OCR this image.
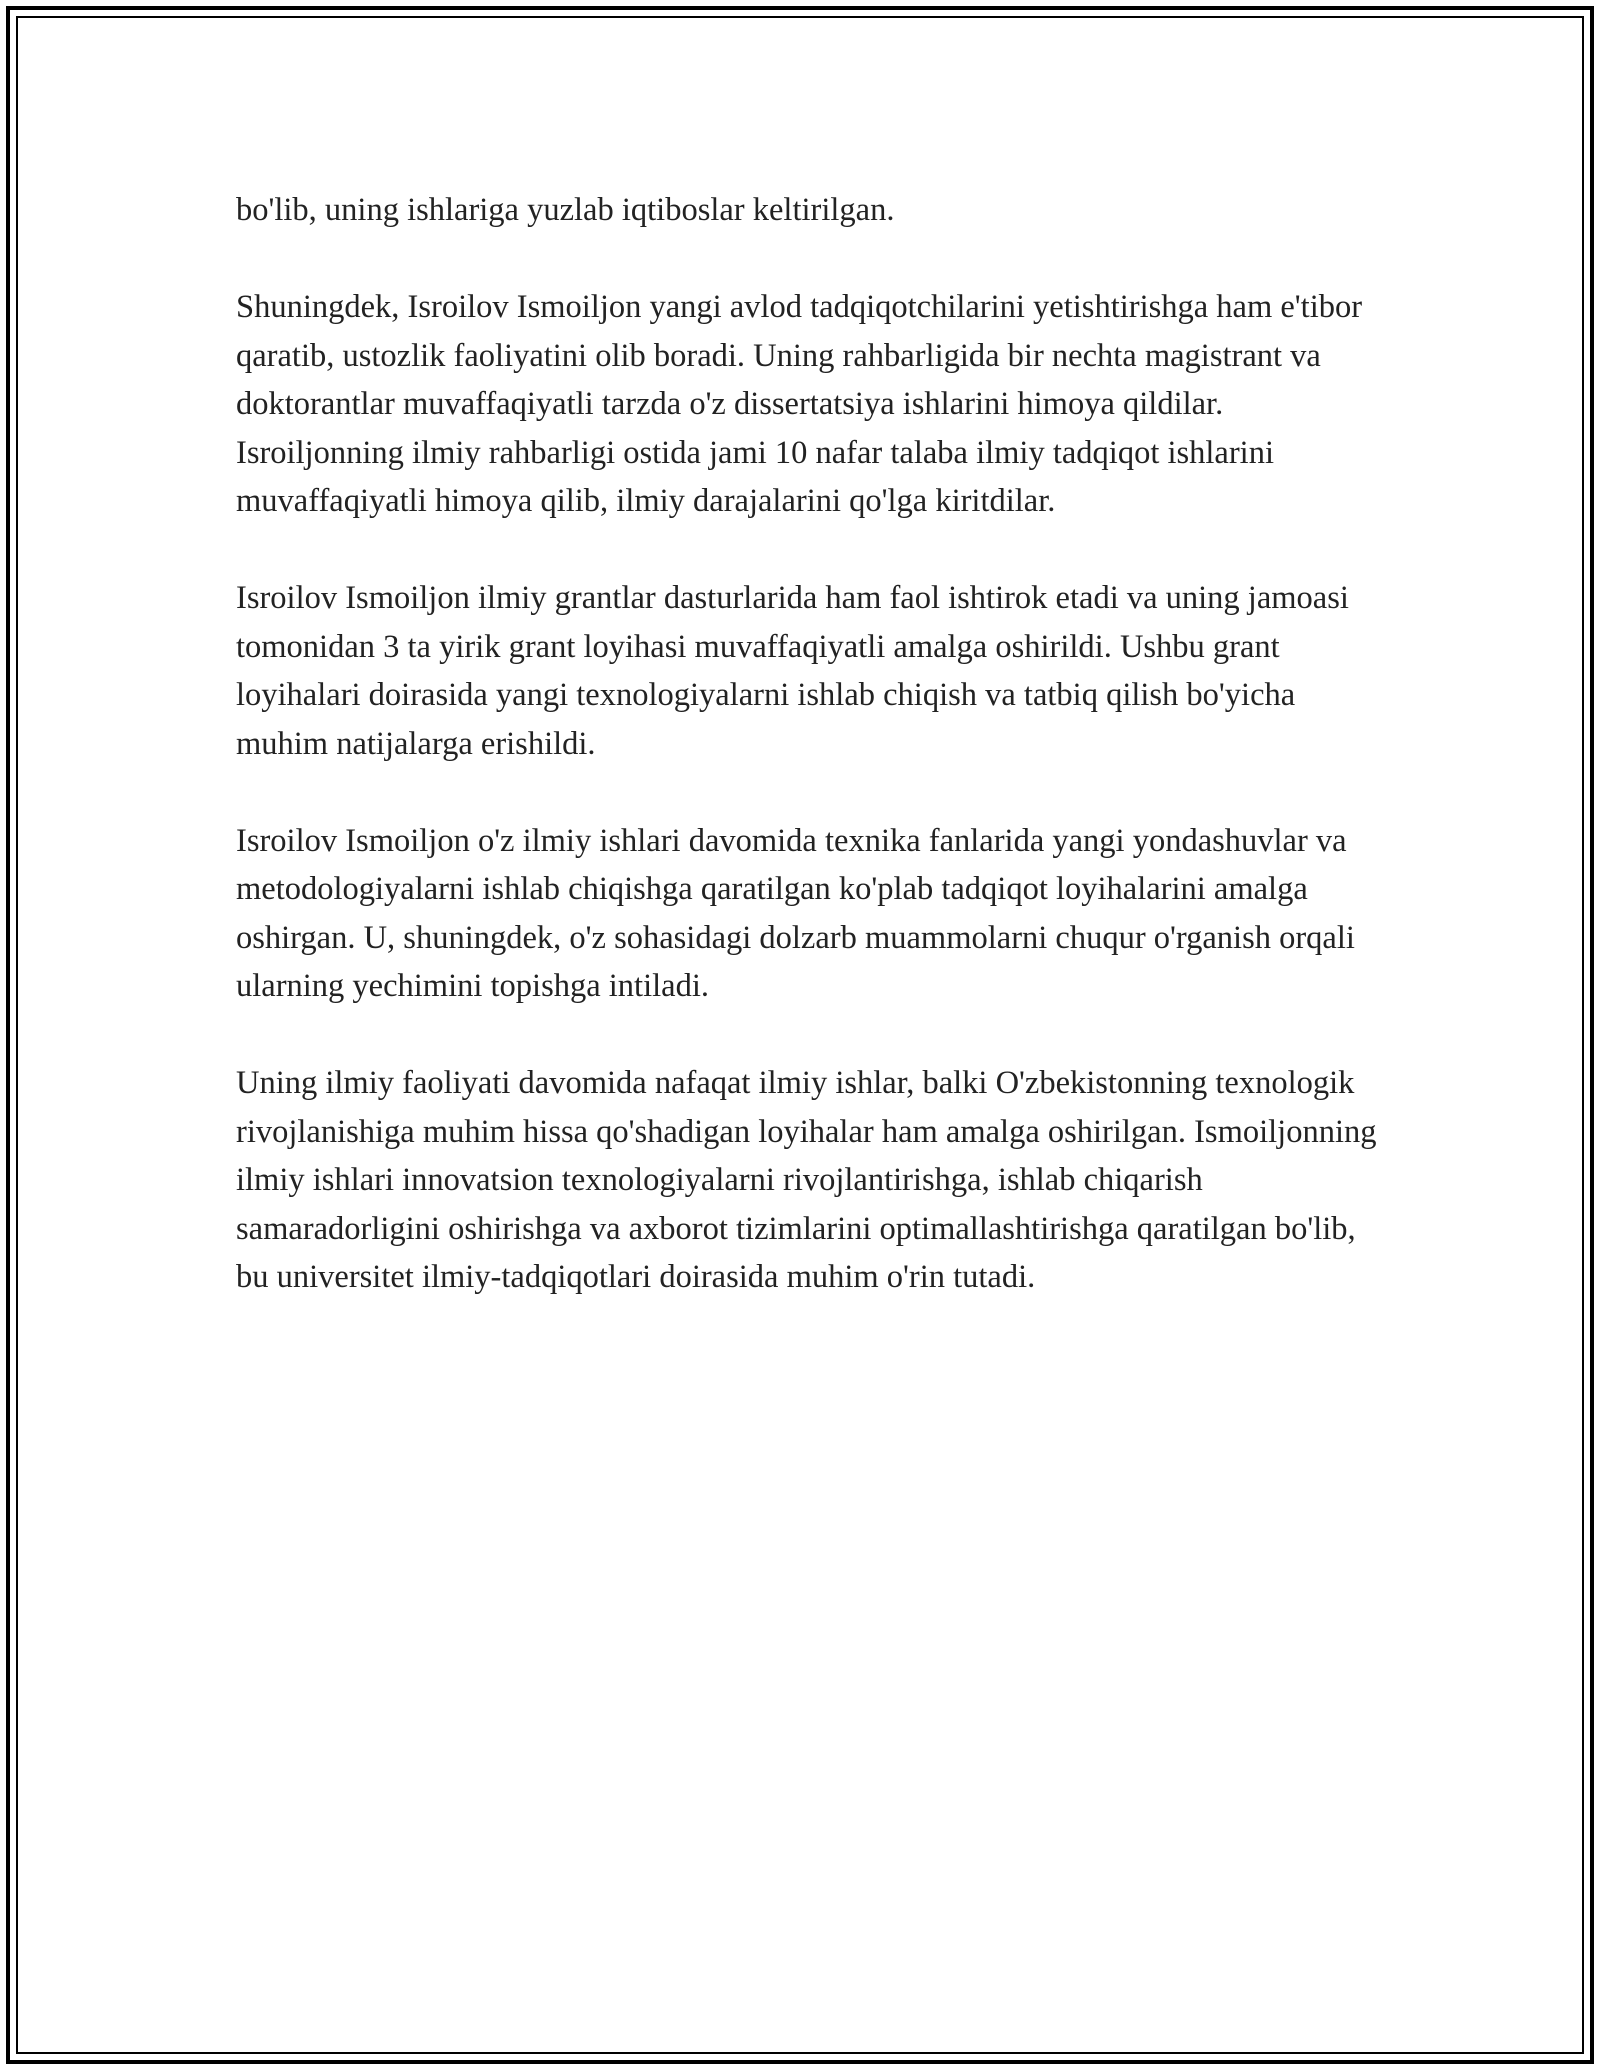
bo'lib, uning ishlariga yuzlab iqtiboslar keltirilgan.

Shuningdek, Isroilov Ismoiljon yangi avlod tadqiqotchilarini yetishtirishga ham e'tibor qaratib, ustozlik faoliyatini olib boradi. Uning rahbarligida bir nechta magistrant va doktorantlar muvaffaqiyatli tarzda o'z dissertatsiya ishlarini himoya qildilar. Isroiljonning ilmiy rahbarligi ostida jami 10 nafar talaba ilmiy tadqiqot ishlarini muvaffaqiyatli himoya qilib, ilmiy darajalarini qo'lga kiritdilar.

Isroilov Ismoiljon ilmiy grantlar dasturlarida ham faol ishtirok etadi va uning jamoasi tomonidan 3 ta yirik grant loyihasi muvaffaqiyatli amalga oshirildi. Ushbu grant loyihalari doirasida yangi texnologiyalarni ishlab chiqish va tatbiq qilish bo'yicha muhim natijalarga erishildi.

Isroilov Ismoiljon o'z ilmiy ishlari davomida texnika fanlarida yangi yondashuvlar va metodologiyalarni ishlab chiqishga qaratilgan ko'plab tadqiqot loyihalarini amalga oshirgan. U, shuningdek, o'z sohasidagi dolzarb muammolarni chuqur o'rganish orqali ularning yechimini topishga intiladi.

Uning ilmiy faoliyati davomida nafaqat ilmiy ishlar, balki O'zbekistonning texnologik rivojlanishiga muhim hissa qo'shadigan loyihalar ham amalga oshirilgan. Ismoiljonning ilmiy ishlari innovatsion texnologiyalarni rivojlantirishga, ishlab chiqarish samaradorligini oshirishga va axborot tizimlarini optimallashtirishga qaratilgan bo'lib, bu universitet ilmiy-tadqiqotlari doirasida muhim o'rin tutadi.
